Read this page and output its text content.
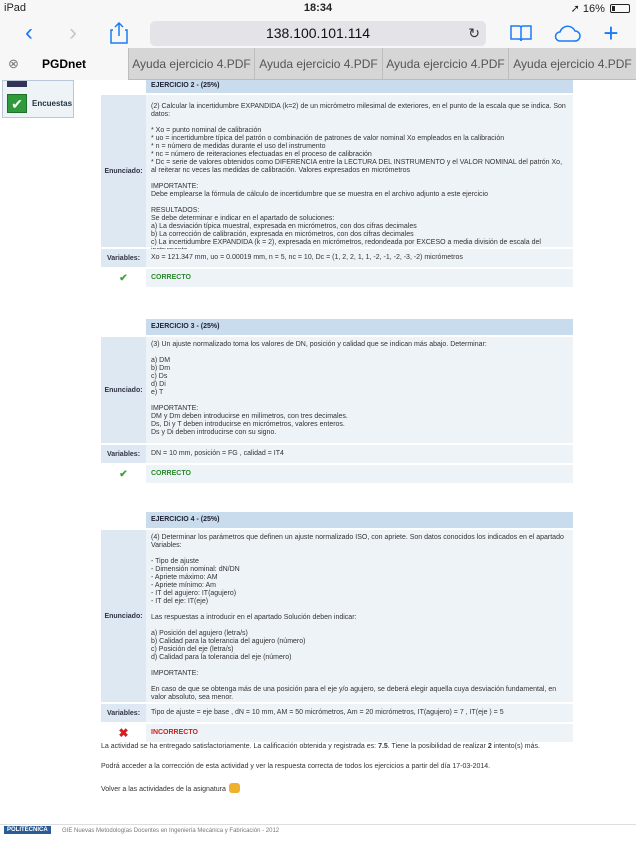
iPad	18:34	➚ 16%
‹	›	138.100.101.114	↻	+
⊗ PGDnet	Ayuda ejercicio 4.PDF Ayuda ejercicio 4.PDF Ayuda ejercicio 4.PDF Ayuda ejercicio 4.PDF
✔	Encuestas
EJERCICIO 2 - (25%)
Enunciado:
(2) Calcular la incertidumbre EXPANDIDA (k=2) de un micrómetro milesimal de exteriores, en el punto de la escala que se indica. Son datos:
* Xo = punto nominal de calibración
* uo = incertidumbre típica del patrón o combinación de patrones de valor nominal Xo empleados en la calibración
* n = número de medidas durante el uso del instrumento
* nc = número de reiteraciones efectuadas en el proceso de calibración
* Dc = serie de valores obtenidos como DIFERENCIA entre la LECTURA DEL INSTRUMENTO y el VALOR NOMINAL del patrón Xo, al reiterar nc veces las medidas de calibración. Valores expresados en micrómetros
IMPORTANTE:
Debe emplearse la fórmula de cálculo de incertidumbre que se muestra en el archivo adjunto a este ejercicio
RESULTADOS:
Se debe determinar e indicar en el apartado de soluciones:
a) La desviación típica muestral, expresada en micrómetros, con dos cifras decimales
b) La corrección de calibración, expresada en micrómetros, con dos cifras decimales
c) La incertidumbre EXPANDIDA (k = 2), expresada en micrómetros, redondeada por EXCESO a media división de escala del
Variables:	Xo = 121.347 mm, uo = 0.00019 mm, n = 5, nc = 10, Dc = (1, 2, 2, 1, 1, -2, -1, -2, -3, -2) micrómetros
✔	CORRECTO
EJERCICIO 3 - (25%)
Enunciado:
(3) Un ajuste normalizado toma los valores de DN, posición y calidad que se indican más abajo. Determinar:
a) DM
b) Dm
c) Ds
d) Di
e) T
IMPORTANTE:
DM y Dm deben introducirse en milímetros, con tres decimales.
Ds, Di y T deben introducirse en micrómetros, valores enteros.
Ds y Di deben introducirse con su signo.
Variables:	DN = 10 mm, posición = FG , calidad = IT4
✔	CORRECTO
EJERCICIO 4 - (25%)
Enunciado:
(4) Determinar los parámetros que definen un ajuste normalizado ISO, con apriete. Son datos conocidos los indicados en el apartado Variables:
- Tipo de ajuste
- Dimensión nominal: dN/DN
- Apriete máximo: AM
- Apriete mínimo: Am
- IT del agujero: IT(agujero)
- IT del eje: IT(eje)
Las respuestas a introducir en el apartado Solución deben indicar:
a) Posición del agujero (letra/s)
b) Calidad para la tolerancia del agujero (número)
c) Posición del eje (letra/s)
d) Calidad para la tolerancia del eje (número)
IMPORTANTE:
En caso de que se obtenga más de una posición para el eje y/o agujero, se deberá elegir aquella cuya desviación fundamental, en valor absoluto, sea menor.
Variables:	Tipo de ajuste = eje base , dN = 10 mm, AM = 50 micrómetros, Am = 20 micrómetros, IT(agujero) = 7 , IT(eje ) = 5
✖	INCORRECTO
La actividad se ha entregado satisfactoriamente. La calificación obtenida y registrada es: 7.5. Tiene la posibilidad de realizar 2 intento(s) más.
Podrá acceder a la corrección de esta actividad y ver la respuesta correcta de todos los ejercicios a partir del día 17-03-2014.
Volver a las actividades de la asignatura
POLITÉCNICA	GIE Nuevas Metodologías Docentes en Ingeniería Mecánica y Fabricación - 2012
